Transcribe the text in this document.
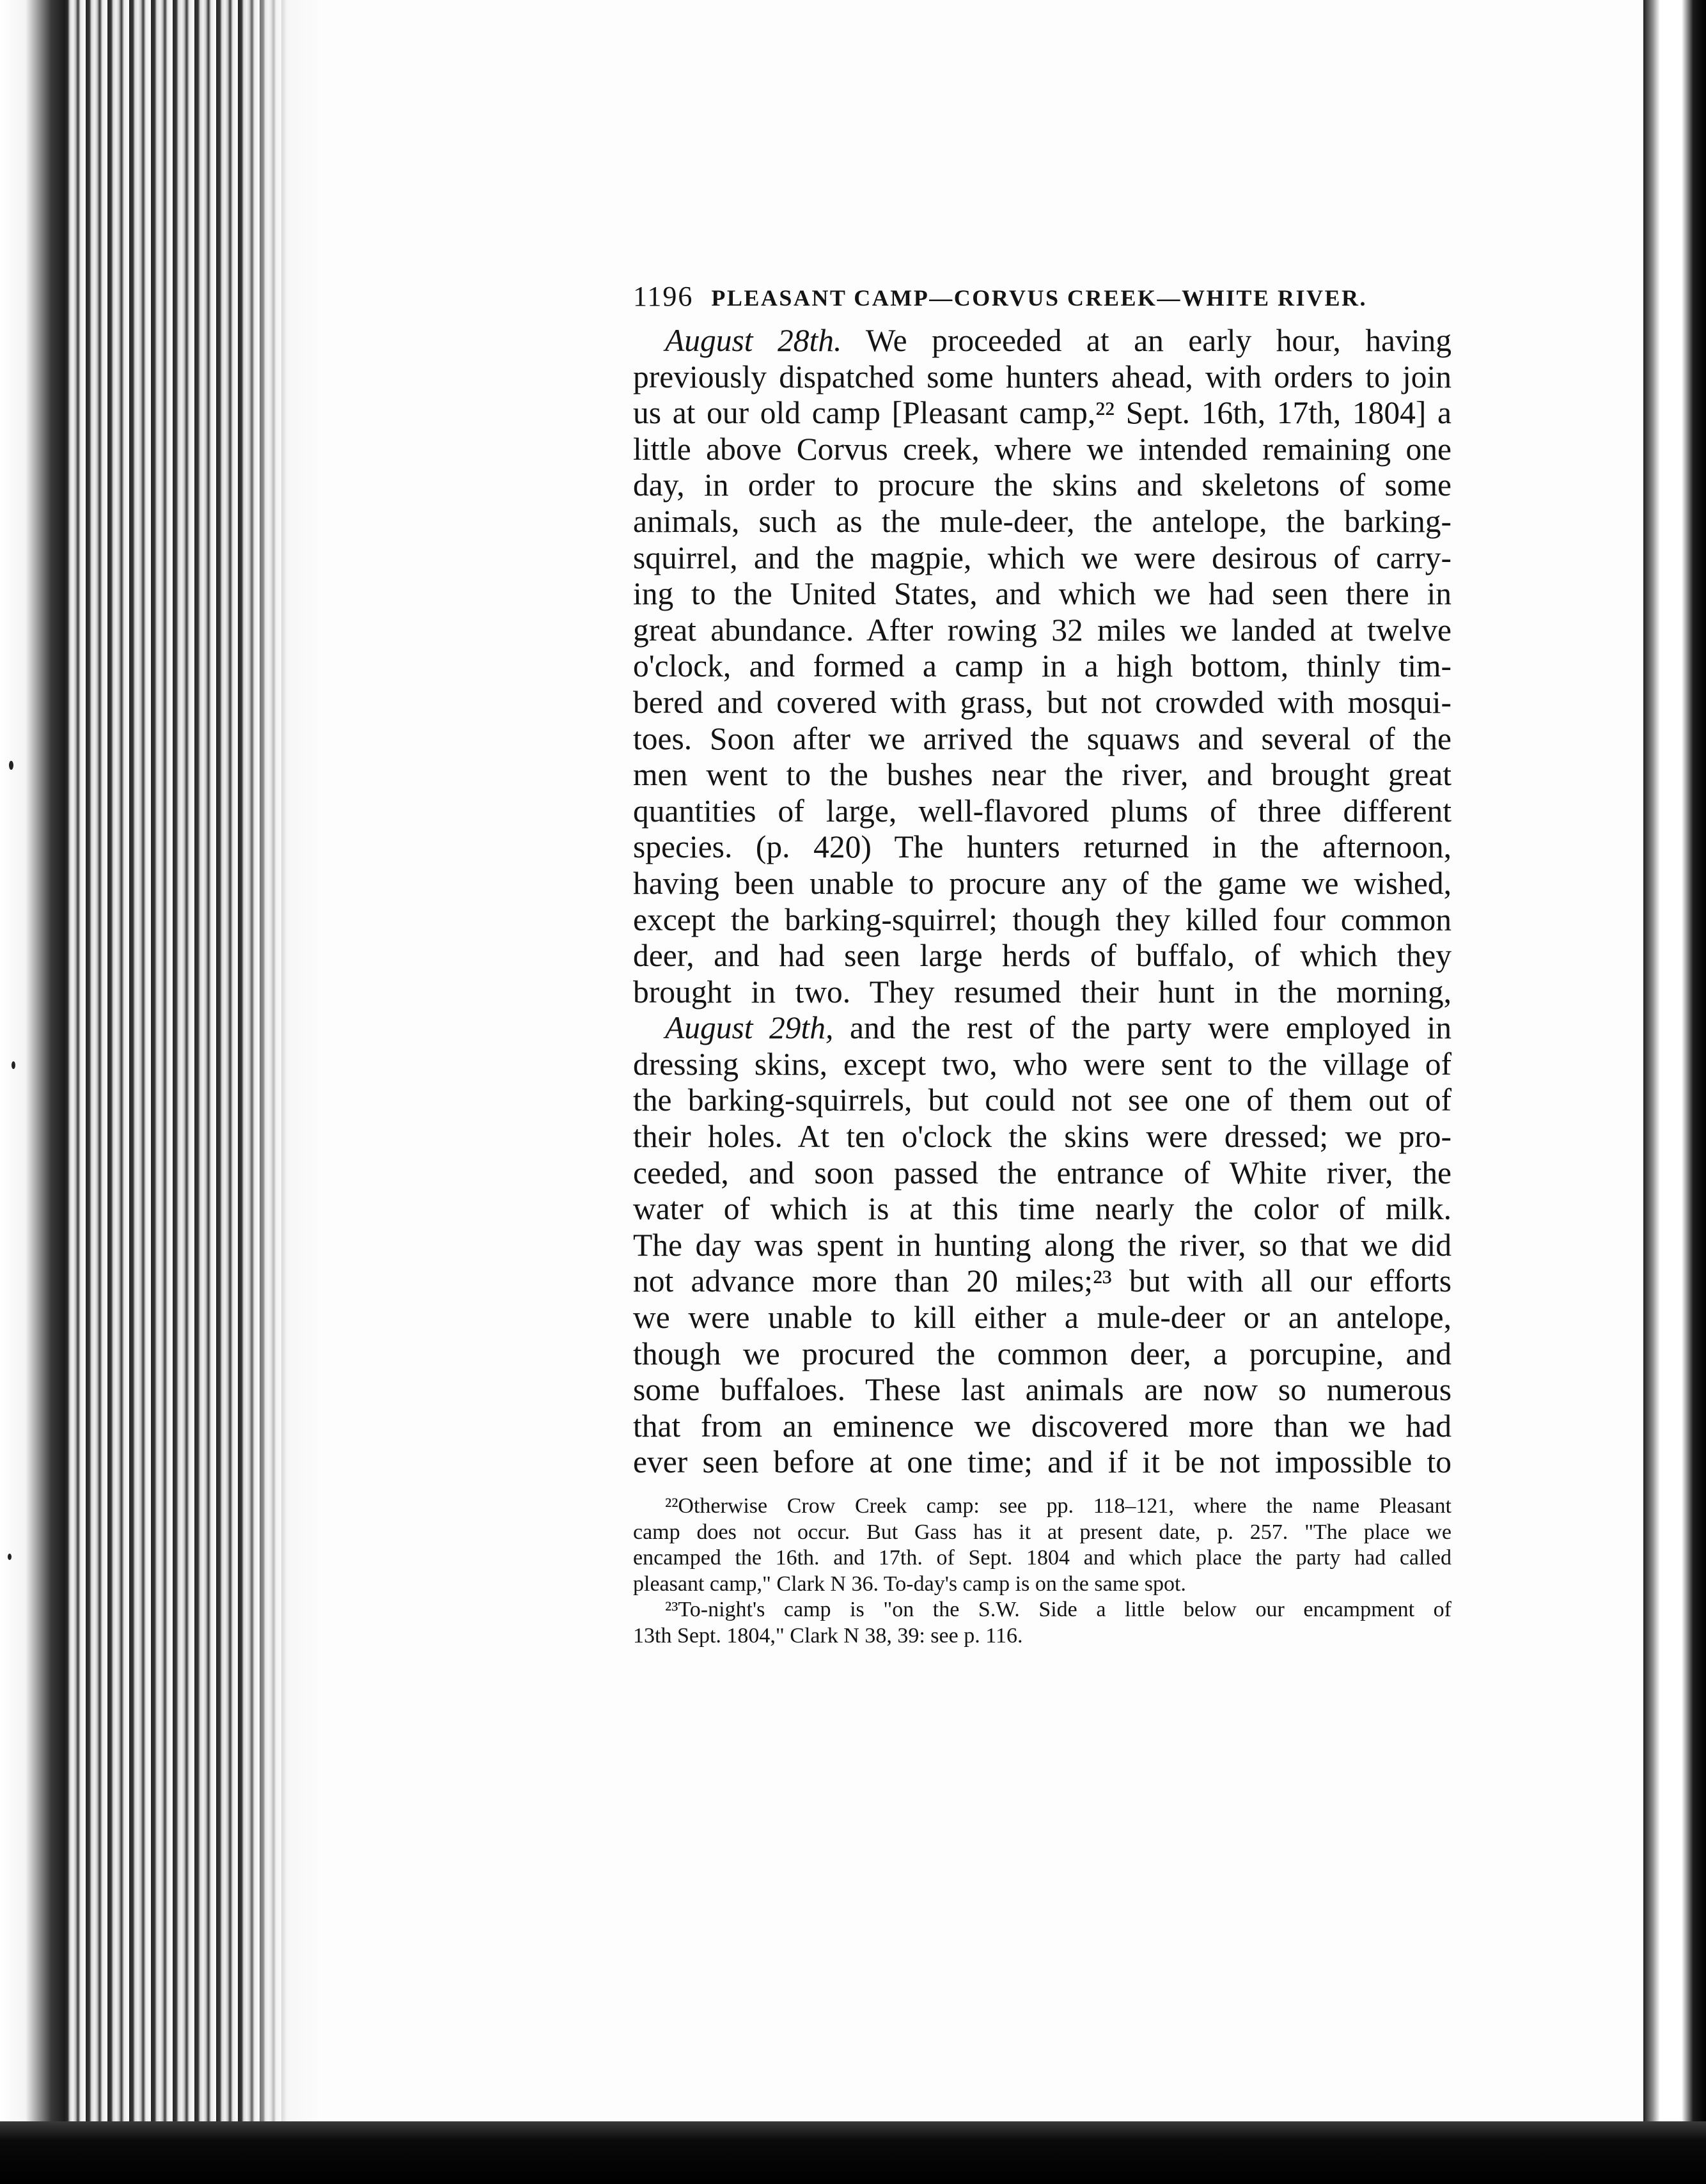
1196 PLEASANT CAMP—CORVUS CREEK—WHITE RIVER.
August 28th. We proceeded at an early hour, having
previously dispatched some hunters ahead, with orders to join
us at our old camp [Pleasant camp,²² Sept. 16th, 17th, 1804] a
little above Corvus creek, where we intended remaining one
day, in order to procure the skins and skeletons of some
animals, such as the mule-deer, the antelope, the barking-
squirrel, and the magpie, which we were desirous of carry-
ing to the United States, and which we had seen there in
great abundance. After rowing 32 miles we landed at twelve
o'clock, and formed a camp in a high bottom, thinly tim-
bered and covered with grass, but not crowded with mosqui-
toes. Soon after we arrived the squaws and several of the
men went to the bushes near the river, and brought great
quantities of large, well-flavored plums of three different
species. (p. 420) The hunters returned in the afternoon,
having been unable to procure any of the game we wished,
except the barking-squirrel; though they killed four common
deer, and had seen large herds of buffalo, of which they
brought in two. They resumed their hunt in the morning,
August 29th, and the rest of the party were employed in
dressing skins, except two, who were sent to the village of
the barking-squirrels, but could not see one of them out of
their holes. At ten o'clock the skins were dressed; we pro-
ceeded, and soon passed the entrance of White river, the
water of which is at this time nearly the color of milk.
The day was spent in hunting along the river, so that we did
not advance more than 20 miles;²³ but with all our efforts
we were unable to kill either a mule-deer or an antelope,
though we procured the common deer, a porcupine, and
some buffaloes. These last animals are now so numerous
that from an eminence we discovered more than we had
ever seen before at one time; and if it be not impossible to
²²Otherwise Crow Creek camp: see pp. 118–121, where the name Pleasant
camp does not occur. But Gass has it at present date, p. 257. "The place we
encamped the 16th. and 17th. of Sept. 1804 and which place the party had called
pleasant camp," Clark N 36. To-day's camp is on the same spot.
²³To-night's camp is "on the S.W. Side a little below our encampment of
13th Sept. 1804," Clark N 38, 39: see p. 116.
